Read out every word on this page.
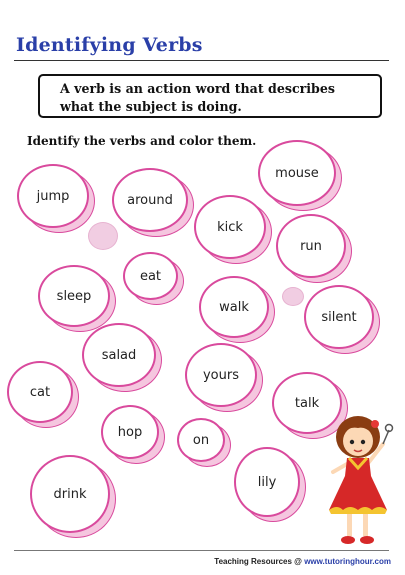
Identifying Verbs
A verb is an action word that describes what the subject is doing.
Identify the verbs and color them.
jump	around
mouse
kick
run
eat
sleep
walk
silent
salad
yours
cat
talk
hop
on
drink
lily
Teaching Resources @ www.tutoringhour.com
